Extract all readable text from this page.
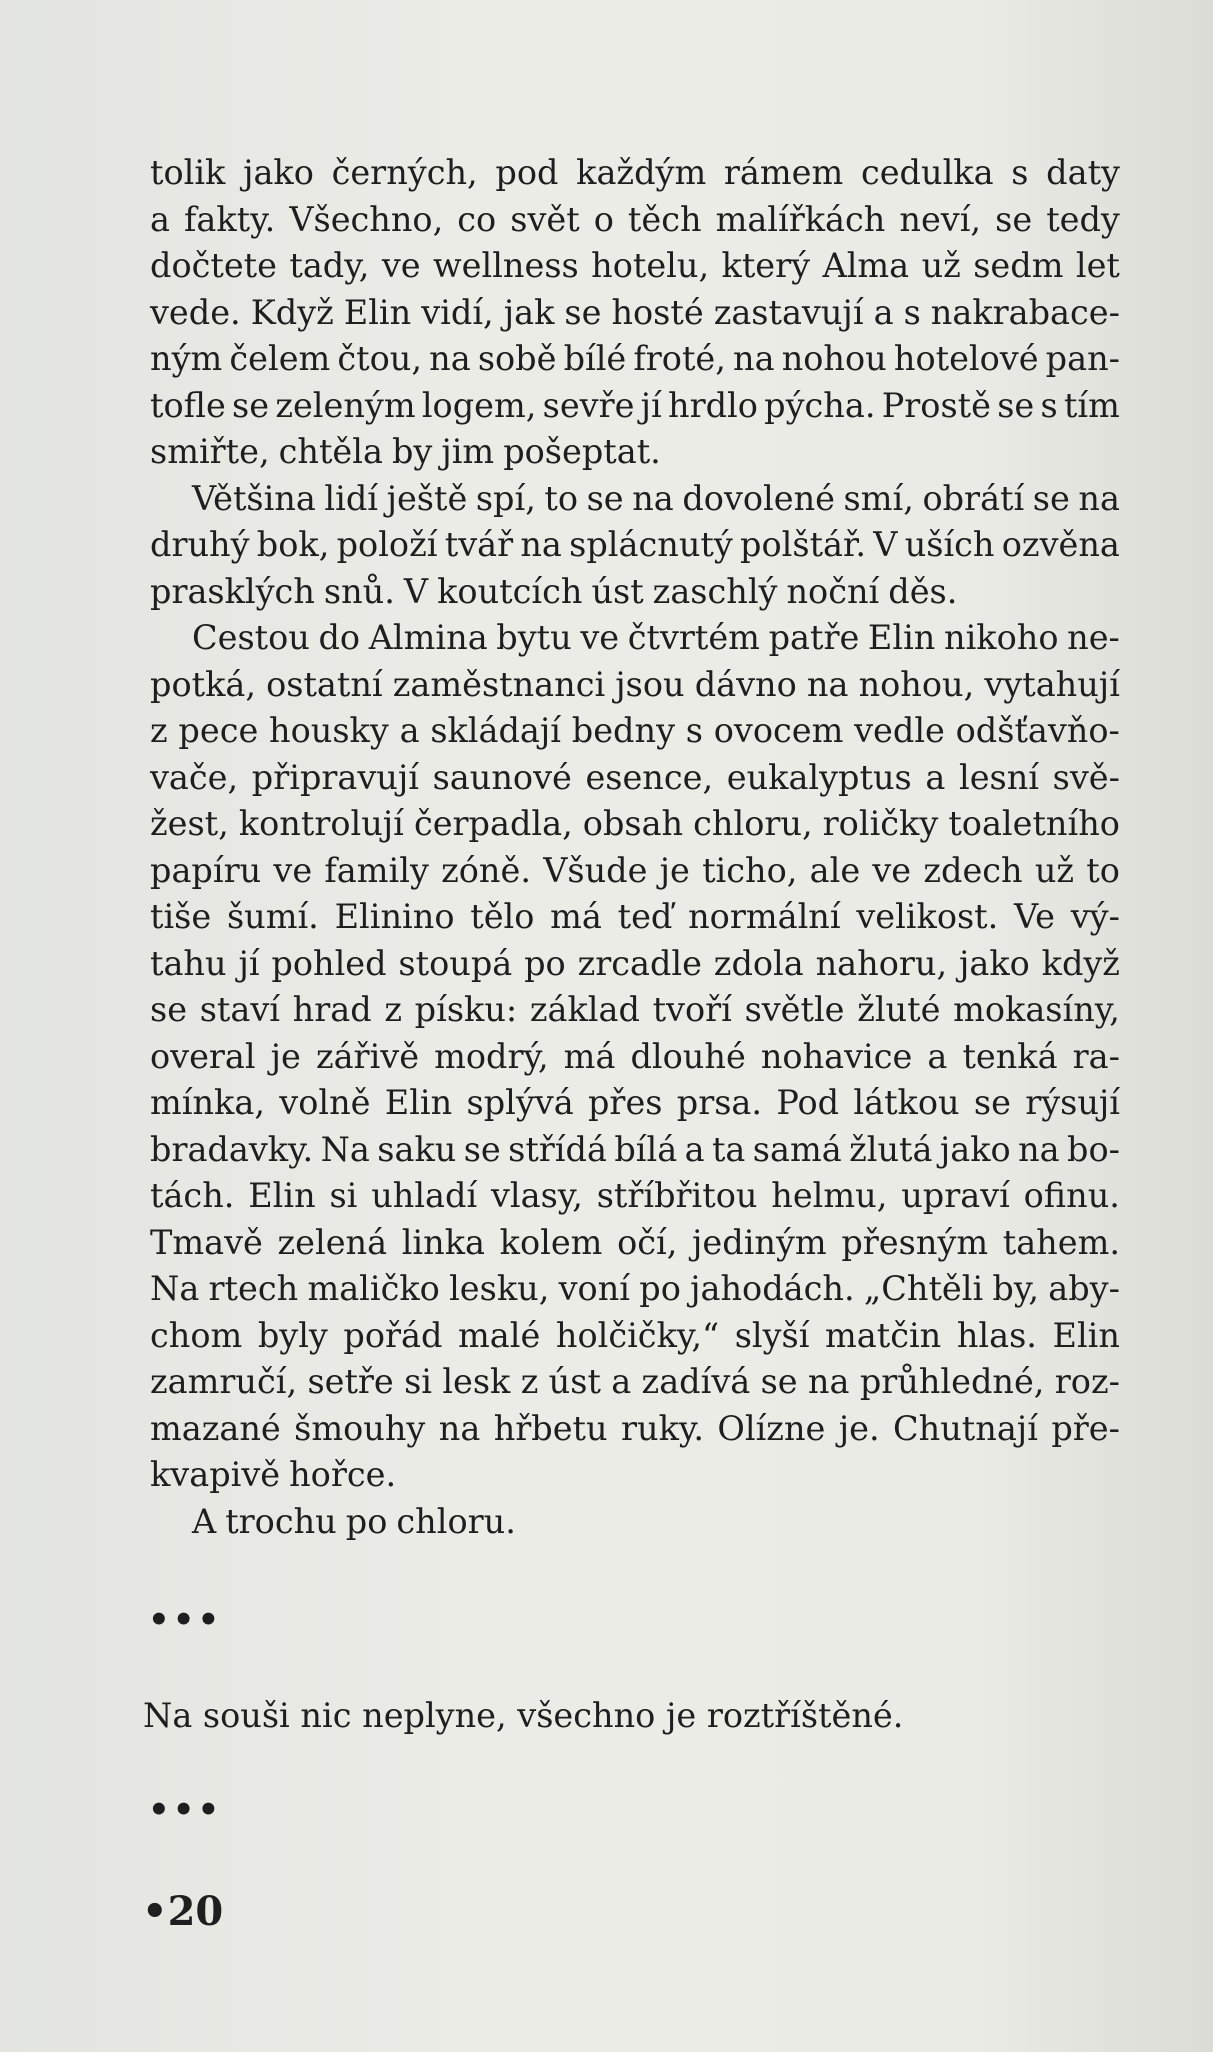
tolik jako černých, pod každým rámem cedulka s daty
a fakty. Všechno, co svět o těch malířkách neví, se tedy
dočtete tady, ve wellness hotelu, který Alma už sedm let
vede. Když Elin vidí, jak se hosté zastavují a s nakrabace-
ným čelem čtou, na sobě bílé froté, na nohou hotelové pan-
tofle se zeleným logem, sevře jí hrdlo pýcha. Prostě se s tím
smiřte, chtěla by jim pošeptat.
Většina lidí ještě spí, to se na dovolené smí, obrátí se na
druhý bok, položí tvář na splácnutý polštář. V uších ozvěna
prasklých snů. V koutcích úst zaschlý noční děs.
Cestou do Almina bytu ve čtvrtém patře Elin nikoho ne-
potká, ostatní zaměstnanci jsou dávno na nohou, vytahují
z pece housky a skládají bedny s ovocem vedle odšťavňo-
vače, připravují saunové esence, eukalyptus a lesní svě-
žest, kontrolují čerpadla, obsah chloru, roličky toaletního
papíru ve family zóně. Všude je ticho, ale ve zdech už to
tiše šumí. Elinino tělo má teď normální velikost. Ve vý-
tahu jí pohled stoupá po zrcadle zdola nahoru, jako když
se staví hrad z písku: základ tvoří světle žluté mokasíny,
overal je zářivě modrý, má dlouhé nohavice a tenká ra-
mínka, volně Elin splývá přes prsa. Pod látkou se rýsují
bradavky. Na saku se střídá bílá a ta samá žlutá jako na bo-
tách. Elin si uhladí vlasy, stříbřitou helmu, upraví ofinu.
Tmavě zelená linka kolem očí, jediným přesným tahem.
Na rtech maličko lesku, voní po jahodách. „Chtěli by, aby-
chom byly pořád malé holčičky,“ slyší matčin hlas. Elin
zamručí, setře si lesk z úst a zadívá se na průhledné, roz-
mazané šmouhy na hřbetu ruky. Olízne je. Chutnají pře-
kvapivě hořce.
A trochu po chloru.
•••
Na souši nic neplyne, všechno je roztříštěné.
•••
•20
